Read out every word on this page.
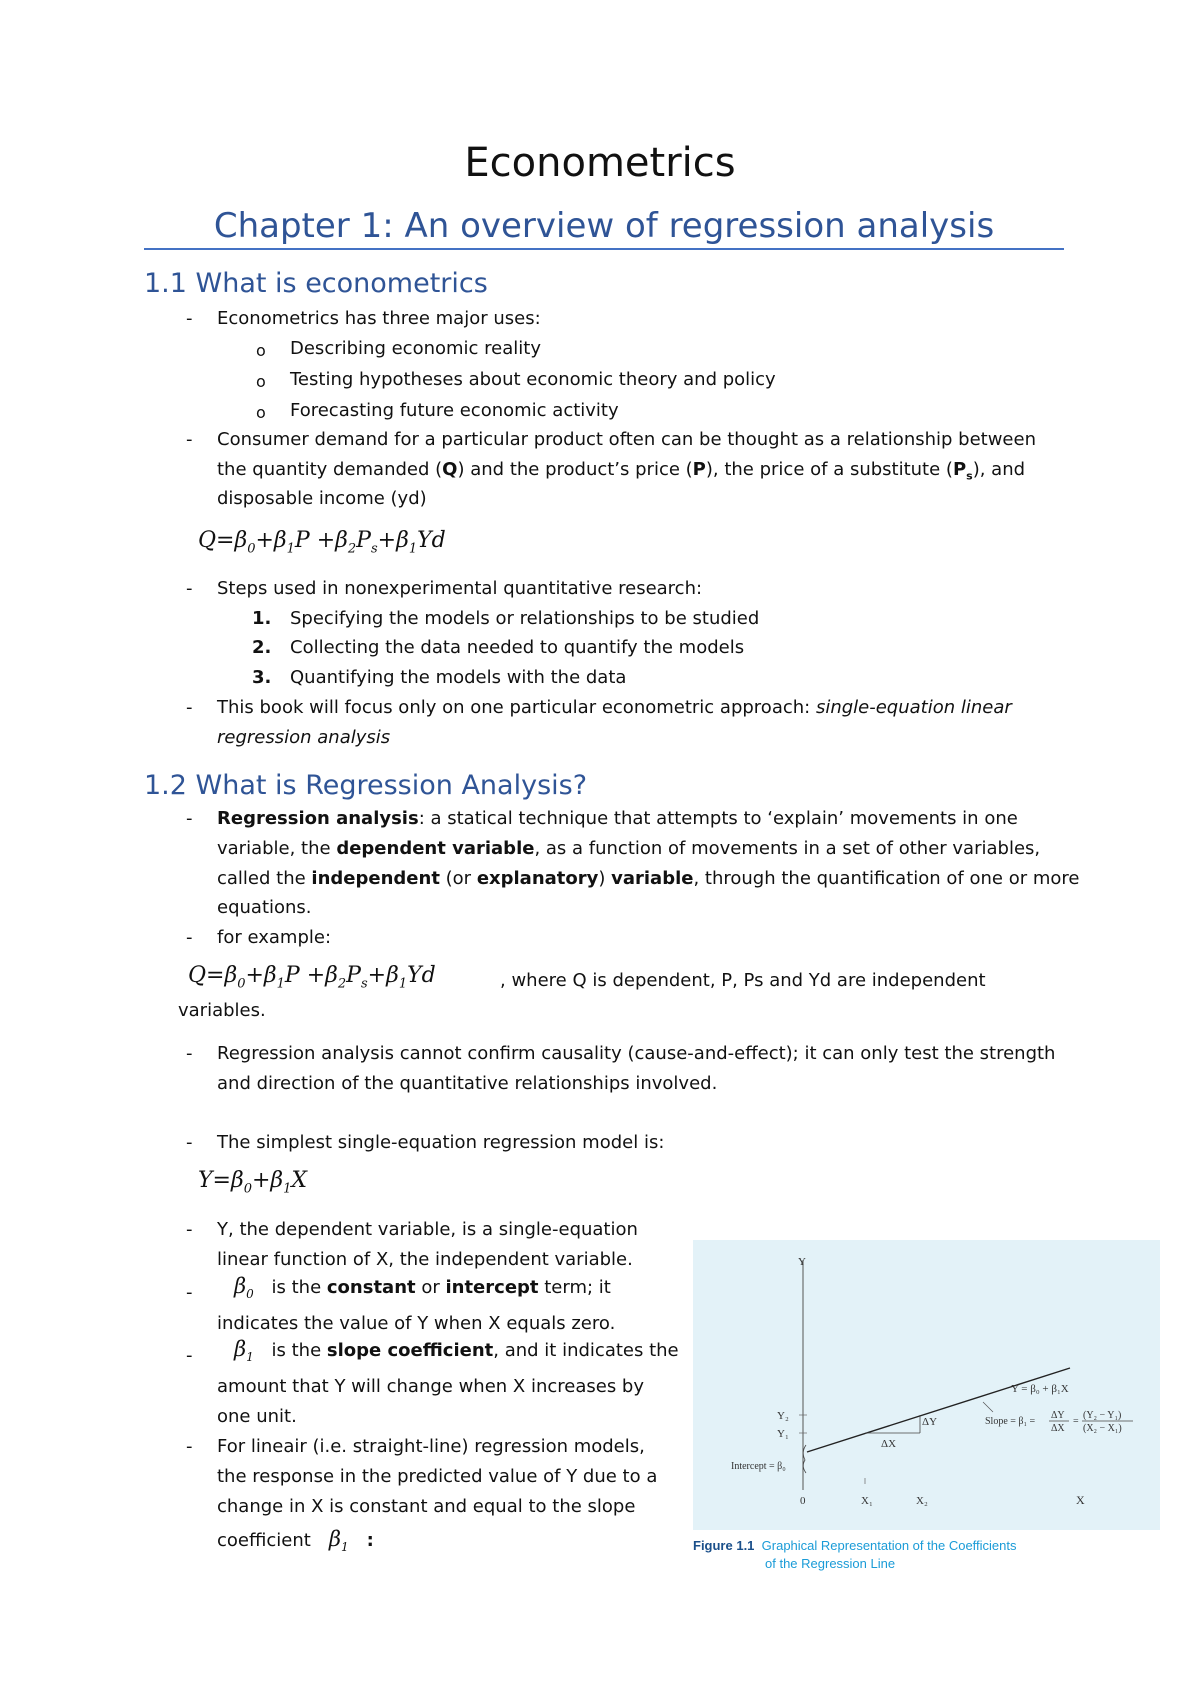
Econometrics
Chapter 1: An overview of regression analysis
1.1 What is econometrics
- Econometrics has three major uses:
o Describing economic reality
o Testing hypotheses about economic theory and policy
o Forecasting future economic activity
- Consumer demand for a particular product often can be thought as a relationship between
the quantity demanded (Q) and the product’s price (P), the price of a substitute $(P_s)$, and
disposable income (yd)
$Q=\beta_0+\beta_1P +\beta_2P_s+\beta_1Yd$
- Steps used in nonexperimental quantitative research:
1. Specifying the models or relationships to be studied
2. Collecting the data needed to quantify the models
3. Quantifying the models with the data
- This book will focus only on one particular econometric approach: single-equation linear
regression analysis
1.2 What is Regression Analysis?
- Regression analysis: a statical technique that attempts to ‘explain’ movements in one
variable, the dependent variable, as a function of movements in a set of other variables,
called the independent (or explanatory) variable, through the quantification of one or more
equations.
- for example:
$Q=\beta_0+\beta_1P +\beta_2P_s+\beta_1Yd$	, where Q is dependent, P, Ps and Yd are independent
variables.
- Regression analysis cannot confirm causality (cause-and-effect); it can only test the strength
and direction of the quantitative relationships involved.
- The simplest single-equation regression model is:
$Y=\beta_0+\beta_1X$
- Y, the dependent variable, is a single-equation
linear function of X, the independent variable.
- $\beta_0$ is the constant or intercept term; it
indicates the value of Y when X equals zero.
- $\beta_1$ is the slope coefficient, and it indicates the
amount that Y will change when X increases by
one unit.
- For lineair (i.e. straight-line) regression models,
the response in the predicted value of Y due to a
change in X is constant and equal to the slope
coefficient $\beta_1$ :
Y
X
0
ΔX
ΔY
Y₂
Y₁
X₁	X₂
Intercept = β₀
Y = β₀ + β₁X
Slope = β₁ =
ΔY
ΔX
=
(Y₂ − Y₁)
(X₂ − X₁)
Figure 1.1 Graphical Representation of the Coefficients
of the Regression Line
